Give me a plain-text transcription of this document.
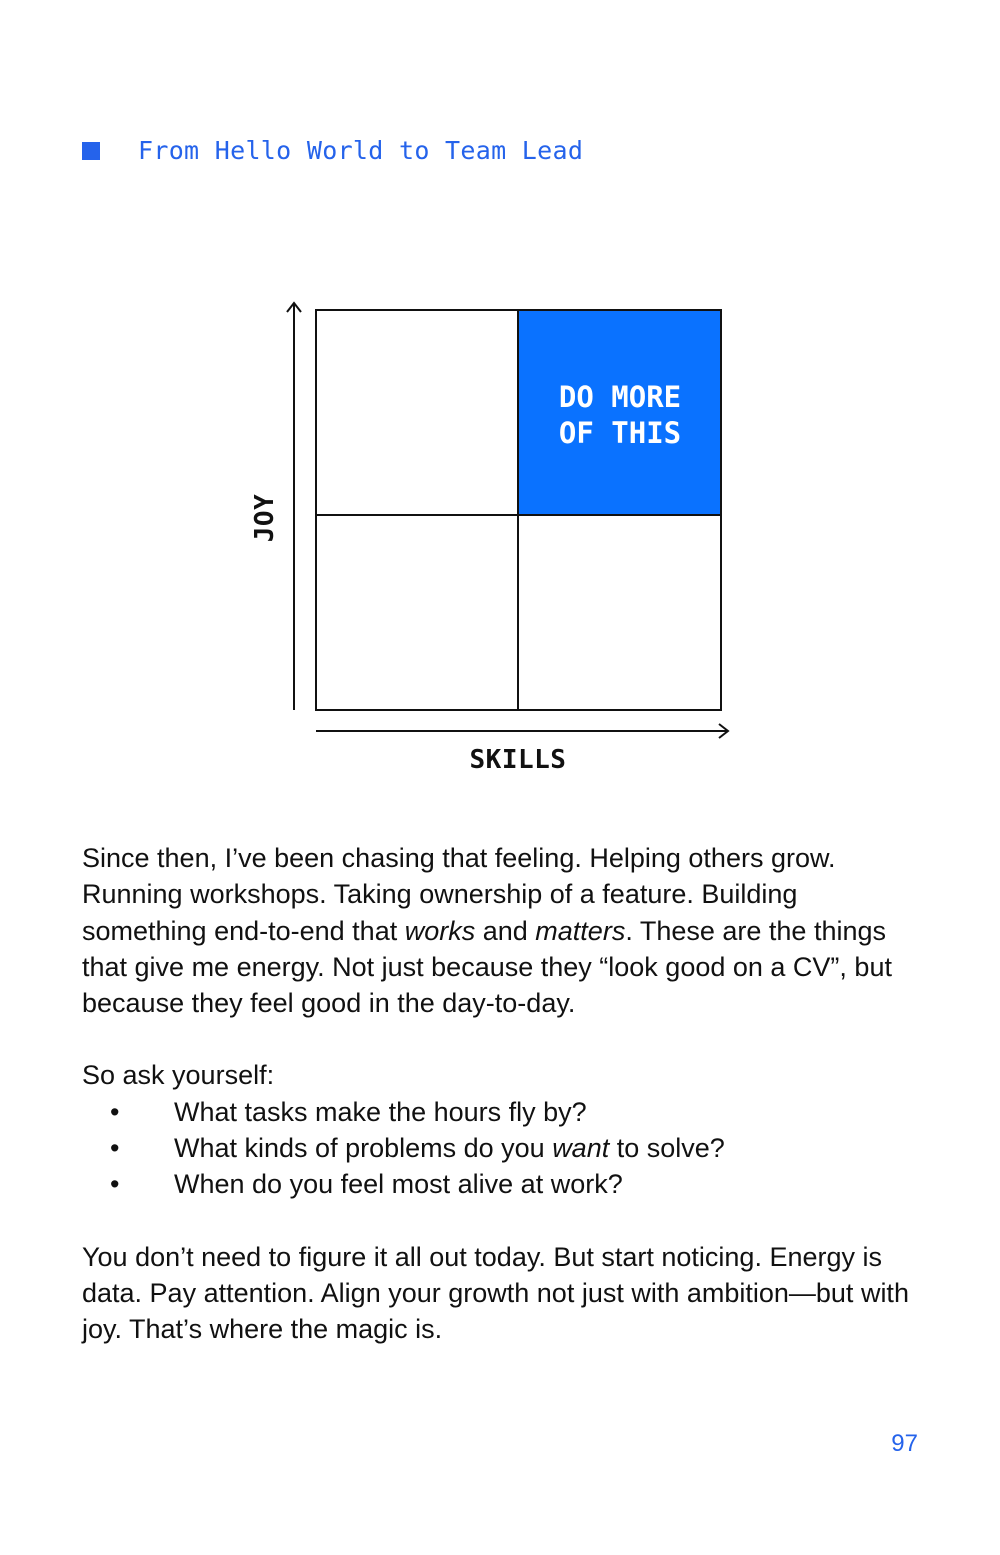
From Hello World to Team Lead

DO MORE
OF THIS

SKILLS
JOY

Since then, I’ve been chasing that feeling. Helping others grow. Running workshops. Taking ownership of a feature. Building something end-to-end that works and matters. These are the things that give me energy. Not just because they “look good on a CV”, but because they feel good in the day-to-day.

So ask yourself:

• What tasks make the hours fly by?
• What kinds of problems do you want to solve?
• When do you feel most alive at work?

You don’t need to figure it all out today. But start noticing. Energy is data. Pay attention. Align your growth not just with ambition—but with joy. That’s where the magic is.

97
